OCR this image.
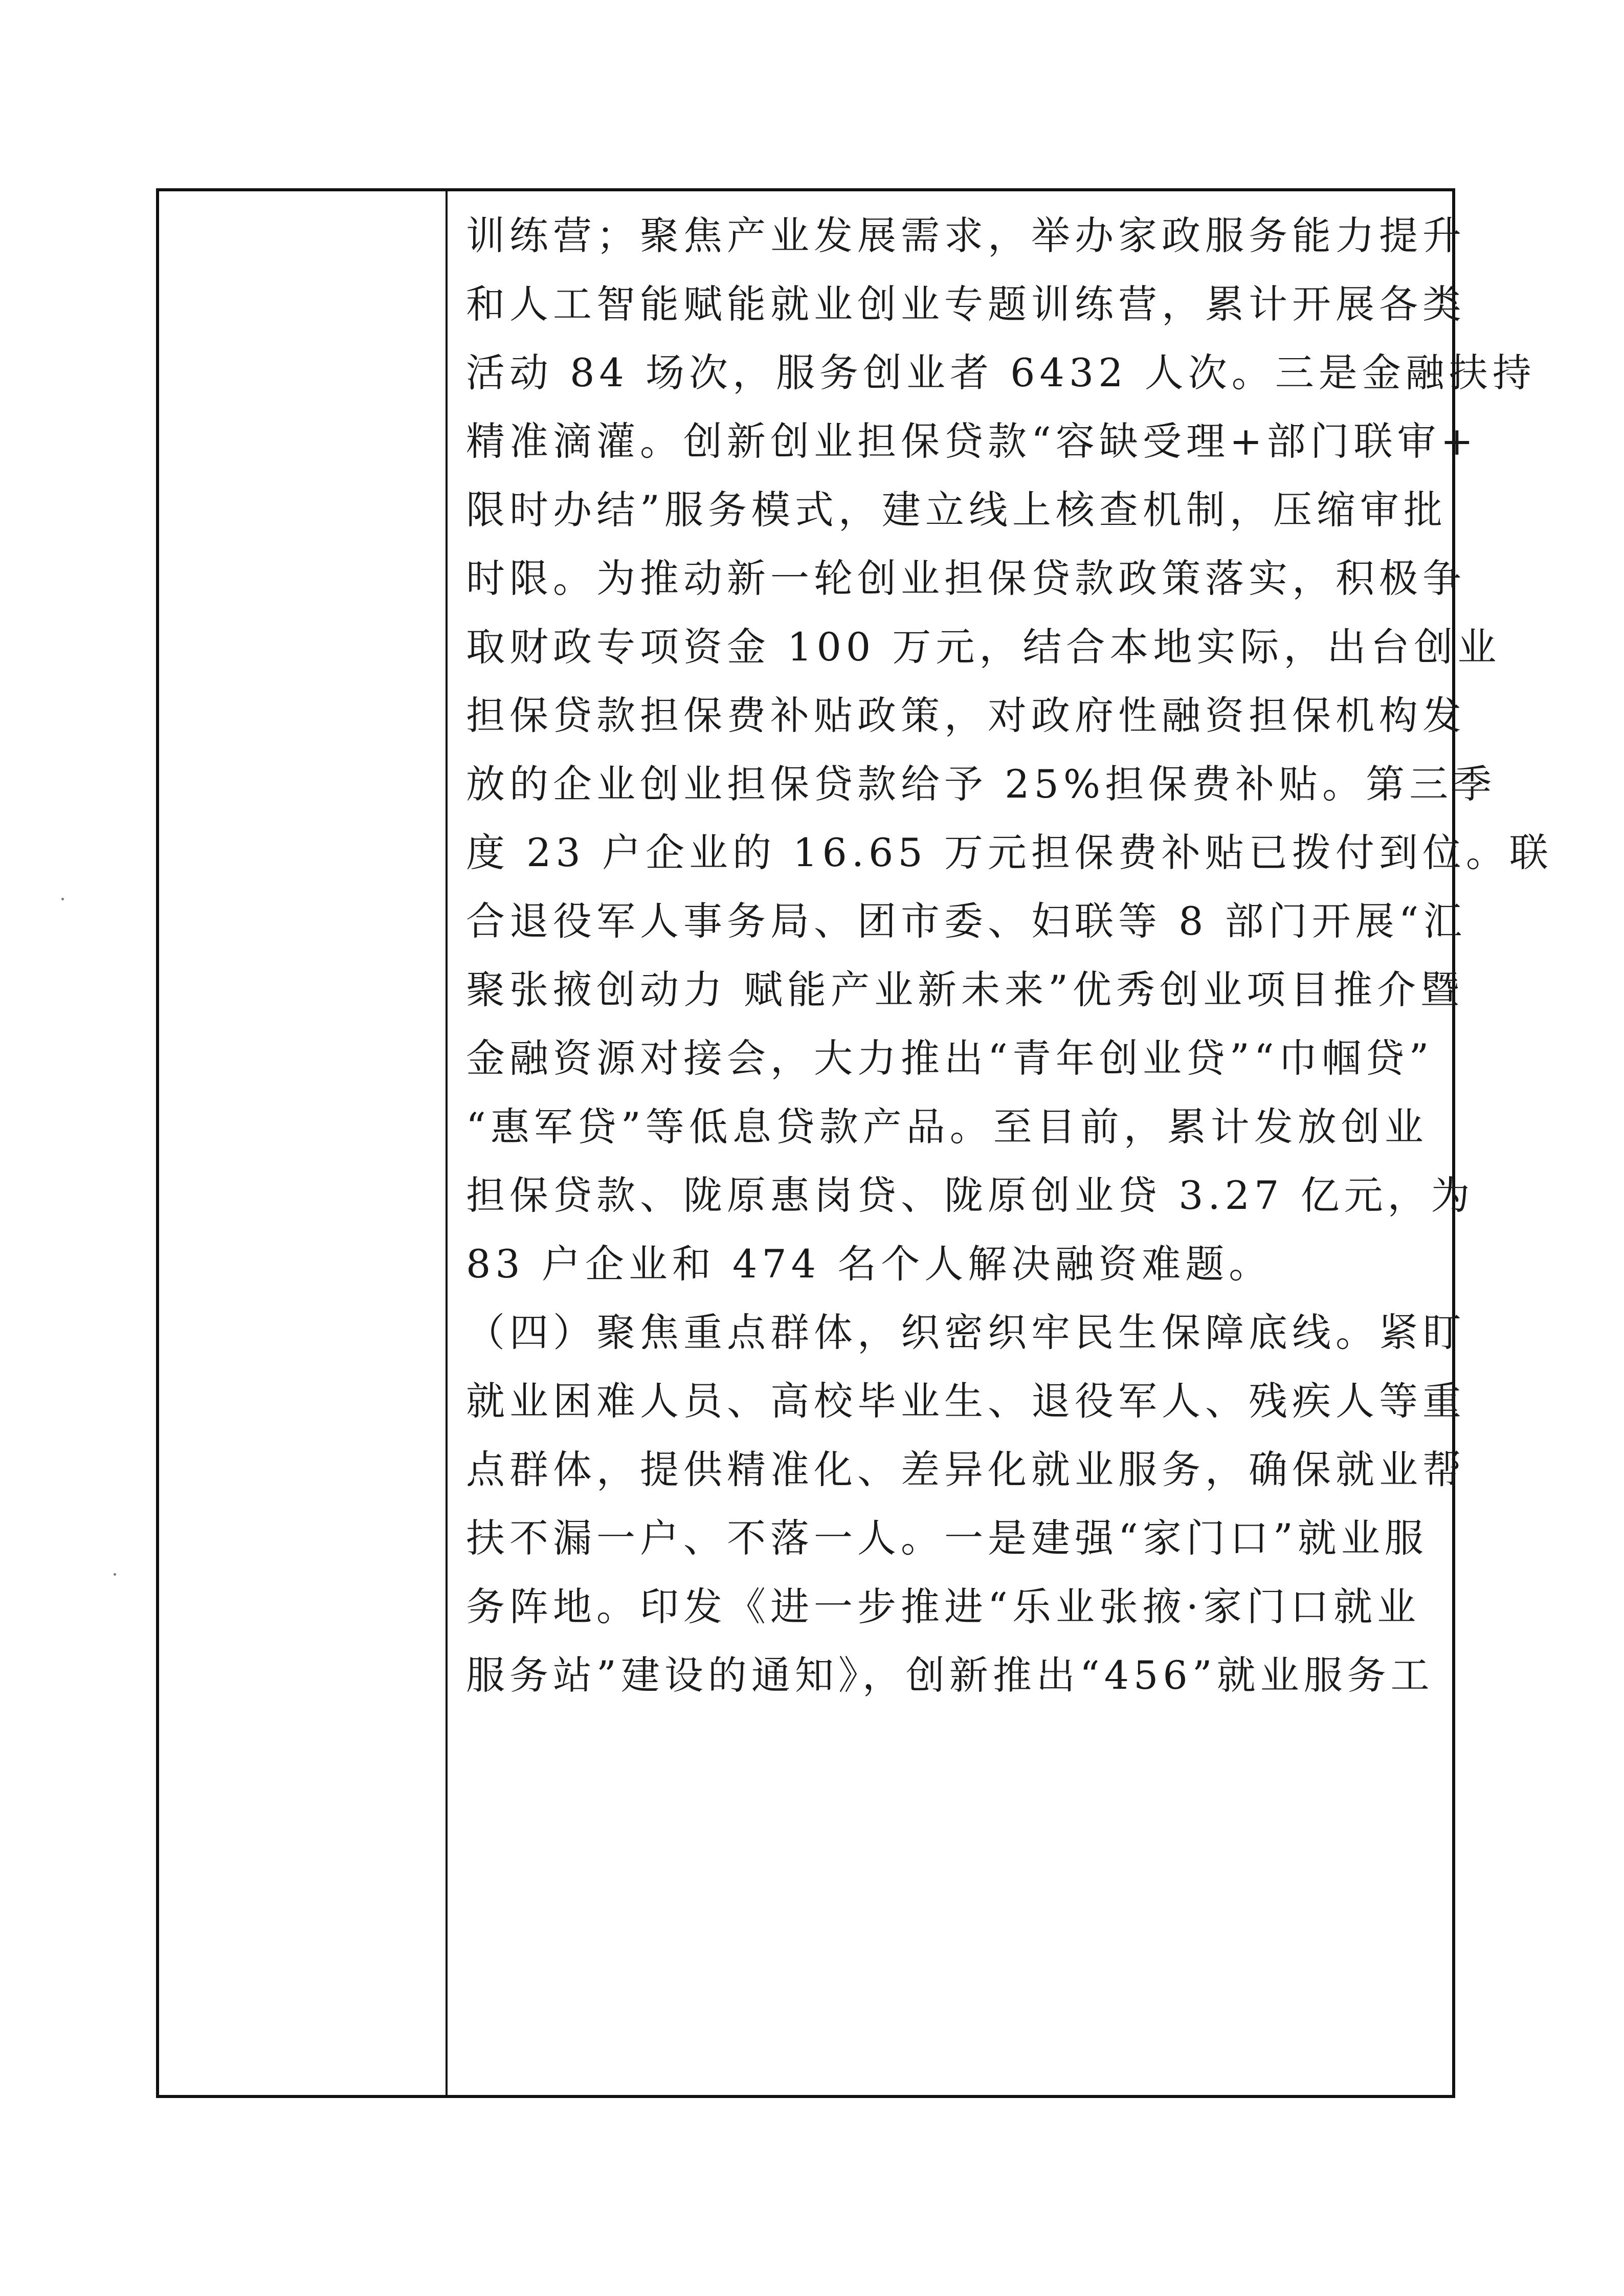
训练营；聚焦产业发展需求，举办家政服务能力提升
和人工智能赋能就业创业专题训练营，累计开展各类
活动 84 场次，服务创业者 6432 人次。三是金融扶持
精准滴灌。创新创业担保贷款“容缺受理+部门联审+
限时办结”服务模式，建立线上核查机制，压缩审批
时限。为推动新一轮创业担保贷款政策落实，积极争
取财政专项资金 100 万元，结合本地实际，出台创业
担保贷款担保费补贴政策，对政府性融资担保机构发
放的企业创业担保贷款给予 25%担保费补贴。第三季
度 23 户企业的 16.65 万元担保费补贴已拨付到位。联
合退役军人事务局、团市委、妇联等 8 部门开展“汇
聚张掖创动力 赋能产业新未来”优秀创业项目推介暨
金融资源对接会，大力推出“青年创业贷”“巾帼贷”
“惠军贷”等低息贷款产品。至目前，累计发放创业
担保贷款、陇原惠岗贷、陇原创业贷 3.27 亿元，为
83 户企业和 474 名个人解决融资难题。
（四）聚焦重点群体，织密织牢民生保障底线。紧盯
就业困难人员、高校毕业生、退役军人、残疾人等重
点群体，提供精准化、差异化就业服务，确保就业帮
扶不漏一户、不落一人。一是建强“家门口”就业服
务阵地。印发《进一步推进“乐业张掖·家门口就业
服务站”建设的通知》，创新推出“456”就业服务工
